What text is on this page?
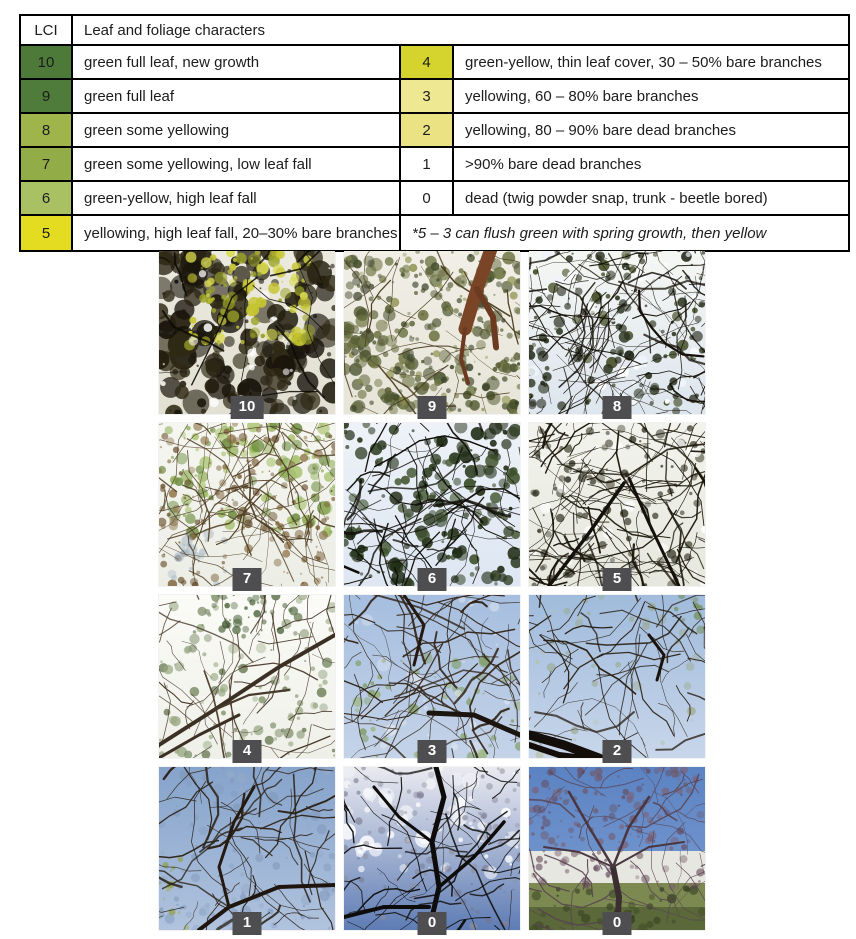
LCI	Leaf and foliage characters		
10	green full leaf, new growth	4	green-yellow, thin leaf cover, 30 – 50% bare branches
9	green full leaf	3	yellowing, 60 – 80% bare branches
8	green some yellowing	2	yellowing, 80 – 90% bare dead branches
7	green some yellowing, low leaf fall	1	>90% bare dead branches
6	green-yellow, high leaf fall	0	dead (twig powder snap, trunk - beetle bored)
5	yellowing, high leaf fall, 20–30% bare branches	*5 – 3 can flush green with spring growth, then yellow	
10	9	8
7	6	5
4	3	2
1	0	0
